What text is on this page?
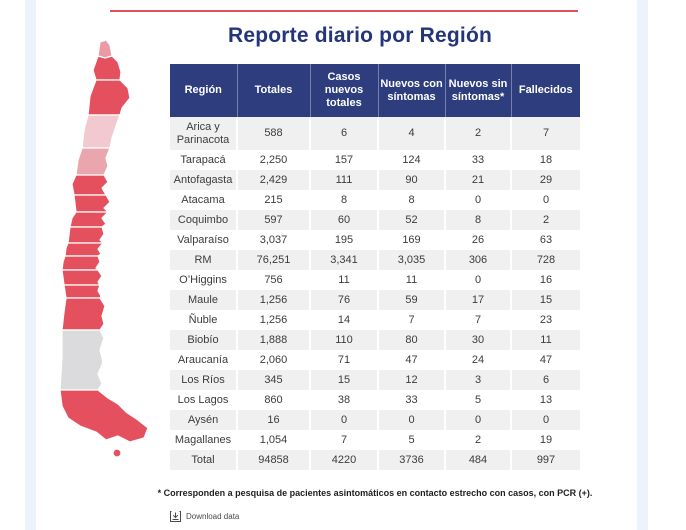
Reporte diario por Región
Región	Totales	Casos nuevos totales	Nuevos con síntomas	Nuevos sin síntomas*	Fallecidos
Arica y Parinacota	588	6	4	2	7
Tarapacá	2,250	157	124	33	18
Antofagasta	2,429	111	90	21	29
Atacama	215	8	8	0	0
Coquimbo	597	60	52	8	2
Valparaíso	3,037	195	169	26	63
RM	76,251	3,341	3,035	306	728
O’Higgins	756	11	11	0	16
Maule	1,256	76	59	17	15
Ñuble	1,256	14	7	7	23
Biobío	1,888	110	80	30	11
Araucanía	2,060	71	47	24	47
Los Ríos	345	15	12	3	6
Los Lagos	860	38	33	5	13
Aysén	16	0	0	0	0
Magallanes	1,054	7	5	2	19
Total	94858	4220	3736	484	997
* Corresponden a pesquisa de pacientes asintomáticos en contacto estrecho con casos, con PCR (+).
Download data
